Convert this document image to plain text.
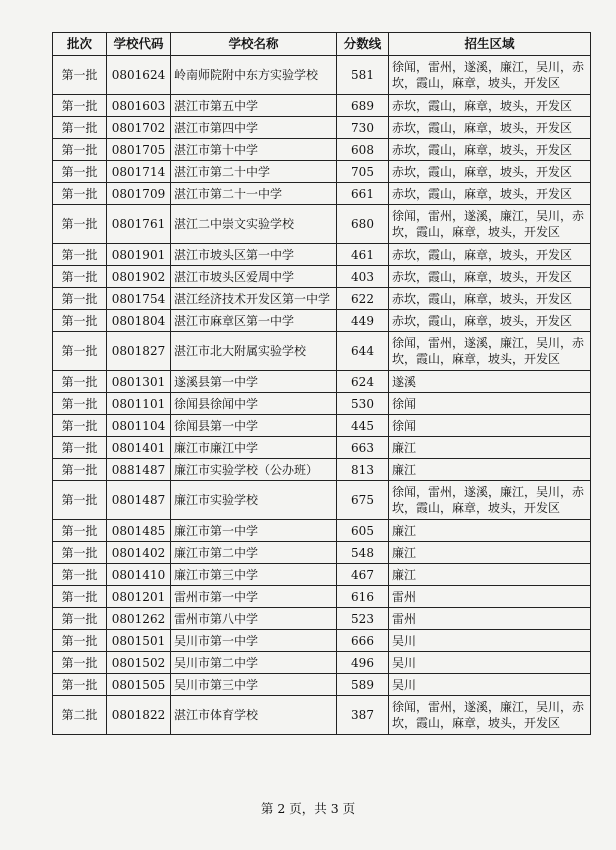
批次	学校代码	学校名称	分数线	招生区域
第一批	0801624	岭南师院附中东方实验学校	581	徐闻，雷州，遂溪，廉江，吴川，赤坎，霞山，麻章，坡头，开发区
第一批	0801603	湛江市第五中学	689	赤坎，霞山，麻章，坡头，开发区
第一批	0801702	湛江市第四中学	730	赤坎，霞山，麻章，坡头，开发区
第一批	0801705	湛江市第十中学	608	赤坎，霞山，麻章，坡头，开发区
第一批	0801714	湛江市第二十中学	705	赤坎，霞山，麻章，坡头，开发区
第一批	0801709	湛江市第二十一中学	661	赤坎，霞山，麻章，坡头，开发区
第一批	0801761	湛江二中崇文实验学校	680	徐闻，雷州，遂溪，廉江，吴川，赤坎，霞山，麻章，坡头，开发区
第一批	0801901	湛江市坡头区第一中学	461	赤坎，霞山，麻章，坡头，开发区
第一批	0801902	湛江市坡头区爱周中学	403	赤坎，霞山，麻章，坡头，开发区
第一批	0801754	湛江经济技术开发区第一中学	622	赤坎，霞山，麻章，坡头，开发区
第一批	0801804	湛江市麻章区第一中学	449	赤坎，霞山，麻章，坡头，开发区
第一批	0801827	湛江市北大附属实验学校	644	徐闻，雷州，遂溪，廉江，吴川，赤坎，霞山，麻章，坡头，开发区
第一批	0801301	遂溪县第一中学	624	遂溪
第一批	0801101	徐闻县徐闻中学	530	徐闻
第一批	0801104	徐闻县第一中学	445	徐闻
第一批	0801401	廉江市廉江中学	663	廉江
第一批	0881487	廉江市实验学校（公办班）	813	廉江
第一批	0801487	廉江市实验学校	675	徐闻，雷州，遂溪，廉江，吴川，赤坎，霞山，麻章，坡头，开发区
第一批	0801485	廉江市第一中学	605	廉江
第一批	0801402	廉江市第二中学	548	廉江
第一批	0801410	廉江市第三中学	467	廉江
第一批	0801201	雷州市第一中学	616	雷州
第一批	0801262	雷州市第八中学	523	雷州
第一批	0801501	吴川市第一中学	666	吴川
第一批	0801502	吴川市第二中学	496	吴川
第一批	0801505	吴川市第三中学	589	吴川
第二批	0801822	湛江市体育学校	387	徐闻，雷州，遂溪，廉江，吴川，赤坎，霞山，麻章，坡头，开发区
第 2 页，共 3 页
